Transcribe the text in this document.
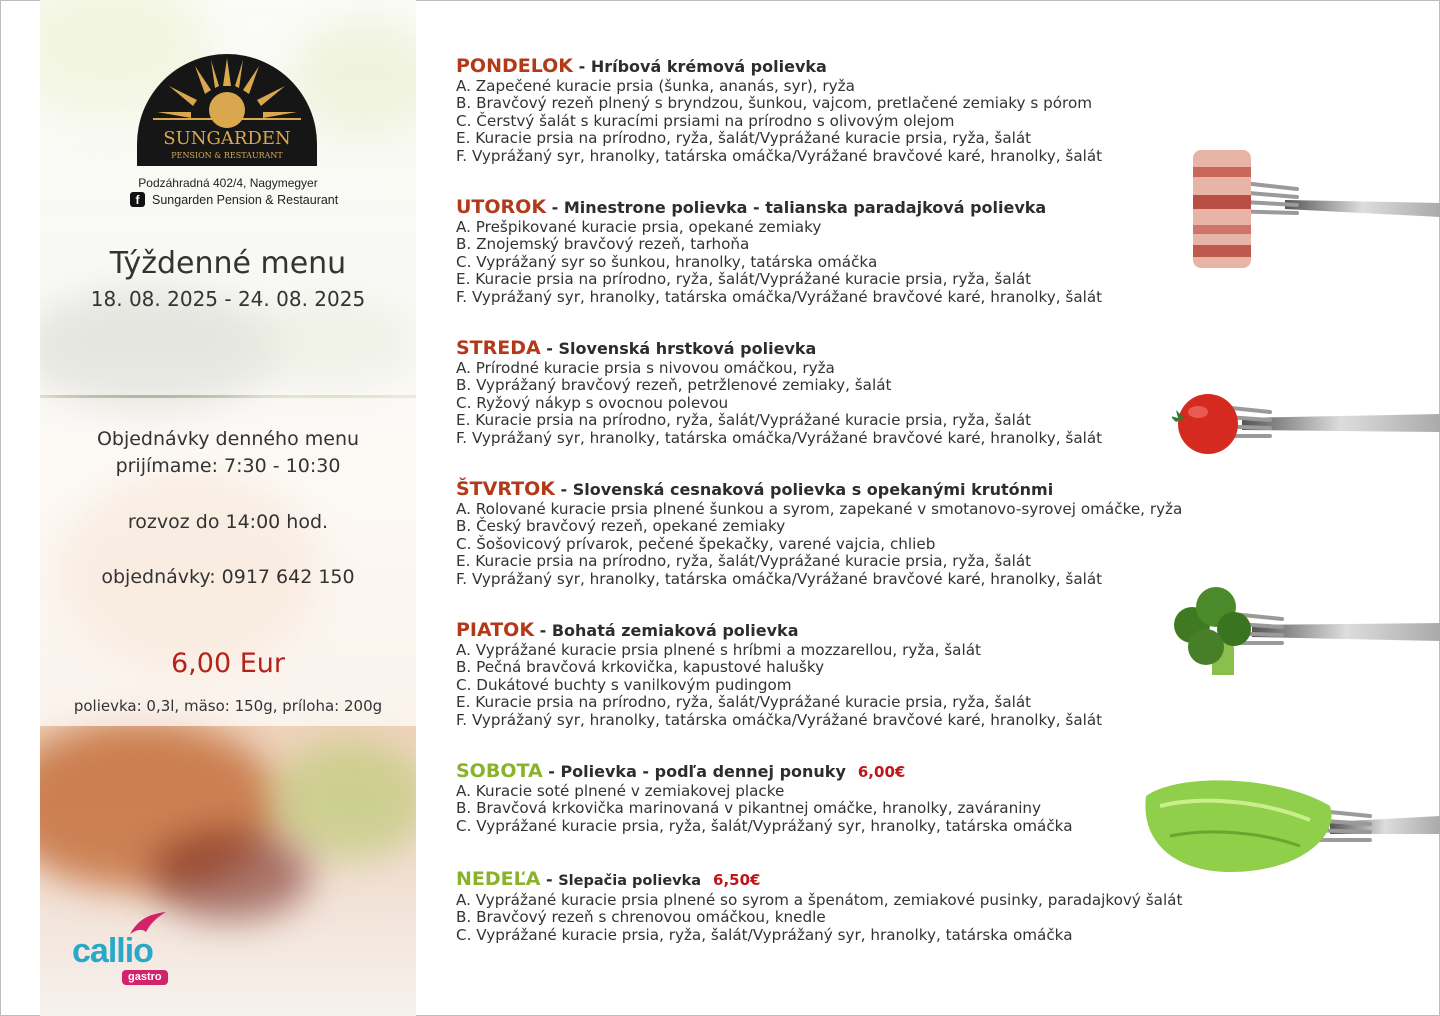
SUNGARDEN
PENSION & RESTAURANT
Podzáhradná 402/4, Nagymegyer
f	Sungarden Pension & Restaurant
Týždenné menu
18. 08. 2025 - 24. 08. 2025
Objednávky denného menu
prijímame: 7:30 - 10:30
rozvoz do 14:00 hod.
objednávky: 0917 642 150
6,00 Eur
polievka: 0,3l, mäso: 150g, príloha: 200g
callio
gastro
PONDELOK - Hríbová krémová polievka
A. Zapečené kuracie prsia (šunka, ananás, syr), ryža
B. Bravčový rezeň plnený s bryndzou, šunkou, vajcom, pretlačené zemiaky s pórom
C. Čerstvý šalát s kuracími prsiami na prírodno s olivovým olejom
E. Kuracie prsia na prírodno, ryža, šalát/Vyprážané kuracie prsia, ryža, šalát
F. Vyprážaný syr, hranolky, tatárska omáčka/Vyrážané bravčové karé, hranolky, šalát
UTOROK - Minestrone polievka - talianska paradajková polievka
A. Prešpikované kuracie prsia, opekané zemiaky
B. Znojemský bravčový rezeň, tarhoňa
C. Vyprážaný syr so šunkou, hranolky, tatárska omáčka
E. Kuracie prsia na prírodno, ryža, šalát/Vyprážané kuracie prsia, ryža, šalát
F. Vyprážaný syr, hranolky, tatárska omáčka/Vyrážané bravčové karé, hranolky, šalát
STREDA - Slovenská hrstková polievka
A. Prírodné kuracie prsia s nivovou omáčkou, ryža
B. Vyprážaný bravčový rezeň, petržlenové zemiaky, šalát
C. Ryžový nákyp s ovocnou polevou
E. Kuracie prsia na prírodno, ryža, šalát/Vyprážané kuracie prsia, ryža, šalát
F. Vyprážaný syr, hranolky, tatárska omáčka/Vyrážané bravčové karé, hranolky, šalát
ŠTVRTOK - Slovenská cesnaková polievka s opekanými krutónmi
A. Rolované kuracie prsia plnené šunkou a syrom, zapekané v smotanovo-syrovej omáčke, ryža
B. Český bravčový rezeň, opekané zemiaky
C. Šošovicový prívarok, pečené špekačky, varené vajcia, chlieb
E. Kuracie prsia na prírodno, ryža, šalát/Vyprážané kuracie prsia, ryža, šalát
F. Vyprážaný syr, hranolky, tatárska omáčka/Vyrážané bravčové karé, hranolky, šalát
PIATOK - Bohatá zemiaková polievka
A. Vyprážané kuracie prsia plnené s hríbmi a mozzarellou, ryža, šalát
B. Pečná bravčová krkovička, kapustové halušky
C. Dukátové buchty s vanilkovým pudingom
E. Kuracie prsia na prírodno, ryža, šalát/Vyprážané kuracie prsia, ryža, šalát
F. Vyprážaný syr, hranolky, tatárska omáčka/Vyrážané bravčové karé, hranolky, šalát
SOBOTA - Polievka - podľa dennej ponuky 6,00€
A. Kuracie soté plnené v zemiakovej placke
B. Bravčová krkovička marinovaná v pikantnej omáčke, hranolky, zaváraniny
C. Vyprážané kuracie prsia, ryža, šalát/Vyprážaný syr, hranolky, tatárska omáčka
NEDEĽA - Slepačia polievka 6,50€
A. Vyprážané kuracie prsia plnené so syrom a špenátom, zemiakové pusinky, paradajkový šalát
B. Bravčový rezeň s chrenovou omáčkou, knedle
C. Vyprážané kuracie prsia, ryža, šalát/Vyprážaný syr, hranolky, tatárska omáčka
